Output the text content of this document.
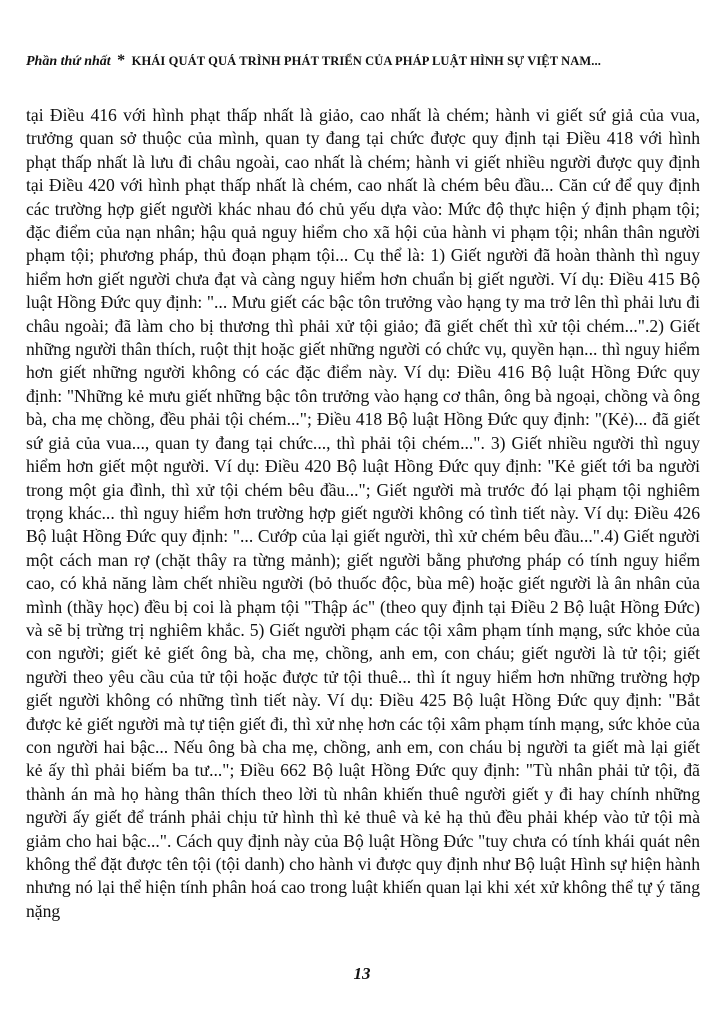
Phần thứ nhất * KHÁI QUÁT QUÁ TRÌNH PHÁT TRIỂN CỦA PHÁP LUẬT HÌNH SỰ VIỆT NAM...
tại Điều 416 với hình phạt thấp nhất là giảo, cao nhất là chém; hành vi giết sứ giả của vua, trưởng quan sở thuộc của mình, quan ty đang tại chức được quy định tại Điều 418 với hình phạt thấp nhất là lưu đi châu ngoài, cao nhất là chém; hành vi giết nhiều người được quy định tại Điều 420 với hình phạt thấp nhất là chém, cao nhất là chém bêu đầu... Căn cứ để quy định các trường hợp giết người khác nhau đó chủ yếu dựa vào: Mức độ thực hiện ý định phạm tội; đặc điểm của nạn nhân; hậu quả nguy hiểm cho xã hội của hành vi phạm tội; nhân thân người phạm tội; phương pháp, thủ đoạn phạm tội... Cụ thể là: 1) Giết người đã hoàn thành thì nguy hiểm hơn giết người chưa đạt và càng nguy hiểm hơn chuẩn bị giết người. Ví dụ: Điều 415 Bộ luật Hồng Đức quy định: "... Mưu giết các bậc tôn trưởng vào hạng ty ma trở lên thì phải lưu đi châu ngoài; đã làm cho bị thương thì phải xử tội giảo; đã giết chết thì xử tội chém...".2) Giết những người thân thích, ruột thịt hoặc giết những người có chức vụ, quyền hạn... thì nguy hiểm hơn giết những người không có các đặc điểm này. Ví dụ: Điều 416 Bộ luật Hồng Đức quy định: "Những kẻ mưu giết những bậc tôn trưởng vào hạng cơ thân, ông bà ngoại, chồng và ông bà, cha mẹ chồng, đều phải tội chém..."; Điều 418 Bộ luật Hồng Đức quy định: "(Kẻ)... đã giết sứ giả của vua..., quan ty đang tại chức..., thì phải tội chém...". 3) Giết nhiều người thì nguy hiểm hơn giết một người. Ví dụ: Điều 420 Bộ luật Hồng Đức quy định: "Kẻ giết tới ba người trong một gia đình, thì xử tội chém bêu đầu..."; Giết người mà trước đó lại phạm tội nghiêm trọng khác... thì nguy hiểm hơn trường hợp giết người không có tình tiết này. Ví dụ: Điều 426 Bộ luật Hồng Đức quy định: "... Cướp của lại giết người, thì xử chém bêu đầu...".4) Giết người một cách man rợ (chặt thây ra từng mảnh); giết người bằng phương pháp có tính nguy hiểm cao, có khả năng làm chết nhiều người (bỏ thuốc độc, bùa mê) hoặc giết người là ân nhân của mình (thầy học) đều bị coi là phạm tội "Thập ác" (theo quy định tại Điều 2 Bộ luật Hồng Đức) và sẽ bị trừng trị nghiêm khắc. 5) Giết người phạm các tội xâm phạm tính mạng, sức khỏe của con người; giết kẻ giết ông bà, cha mẹ, chồng, anh em, con cháu; giết người là tử tội; giết người theo yêu cầu của tử tội hoặc được tử tội thuê... thì ít nguy hiểm hơn những trường hợp giết người không có những tình tiết này. Ví dụ: Điều 425 Bộ luật Hồng Đức quy định: "Bắt được kẻ giết người mà tự tiện giết đi, thì xử nhẹ hơn các tội xâm phạm tính mạng, sức khỏe của con người hai bậc... Nếu ông bà cha mẹ, chồng, anh em, con cháu bị người ta giết mà lại giết kẻ ấy thì phải biếm ba tư..."; Điều 662 Bộ luật Hồng Đức quy định: "Tù nhân phải tử tội, đã thành án mà họ hàng thân thích theo lời tù nhân khiến thuê người giết y đi hay chính những người ấy giết để tránh phải chịu tử hình thì kẻ thuê và kẻ hạ thủ đều phải khép vào tử tội mà giảm cho hai bậc...". Cách quy định này của Bộ luật Hồng Đức "tuy chưa có tính khái quát nên không thể đặt được tên tội (tội danh) cho hành vi được quy định như Bộ luật Hình sự hiện hành nhưng nó lại thể hiện tính phân hoá cao trong luật khiến quan lại khi xét xử không thể tự ý tăng nặng
13
